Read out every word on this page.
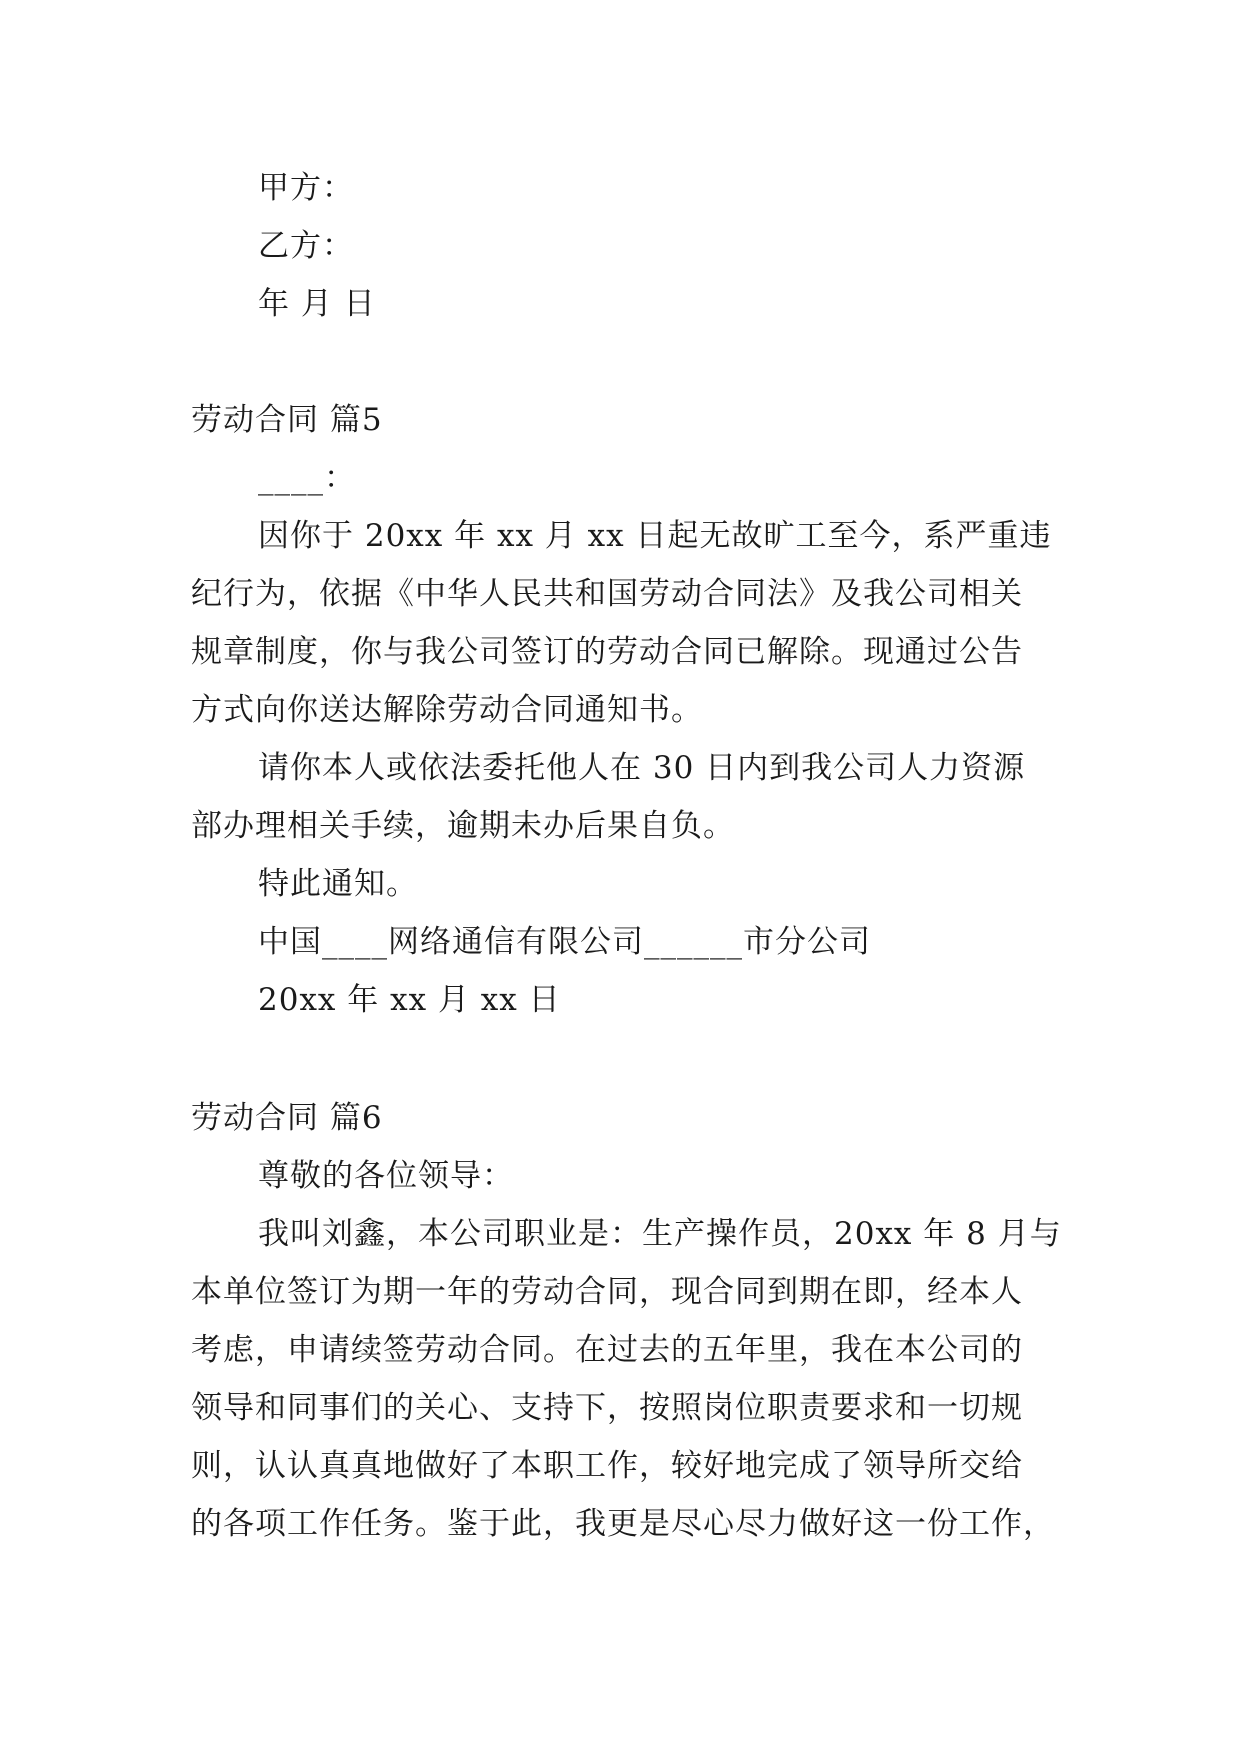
甲方：
乙方：
年 月 日
劳动合同 篇5
____：
因你于 20xx 年 xx 月 xx 日起无故旷工至今，系严重违
纪行为，依据《中华人民共和国劳动合同法》及我公司相关
规章制度，你与我公司签订的劳动合同已解除。现通过公告
方式向你送达解除劳动合同通知书。
请你本人或依法委托他人在 30 日内到我公司人力资源
部办理相关手续，逾期未办后果自负。
特此通知。
中国____网络通信有限公司______市分公司
20xx 年 xx 月 xx 日
劳动合同 篇6
尊敬的各位领导：
我叫刘鑫，本公司职业是：生产操作员，20xx 年 8 月与
本单位签订为期一年的劳动合同，现合同到期在即，经本人
考虑，申请续签劳动合同。在过去的五年里，我在本公司的
领导和同事们的关心、支持下，按照岗位职责要求和一切规
则，认认真真地做好了本职工作，较好地完成了领导所交给
的各项工作任务。鉴于此，我更是尽心尽力做好这一份工作，
